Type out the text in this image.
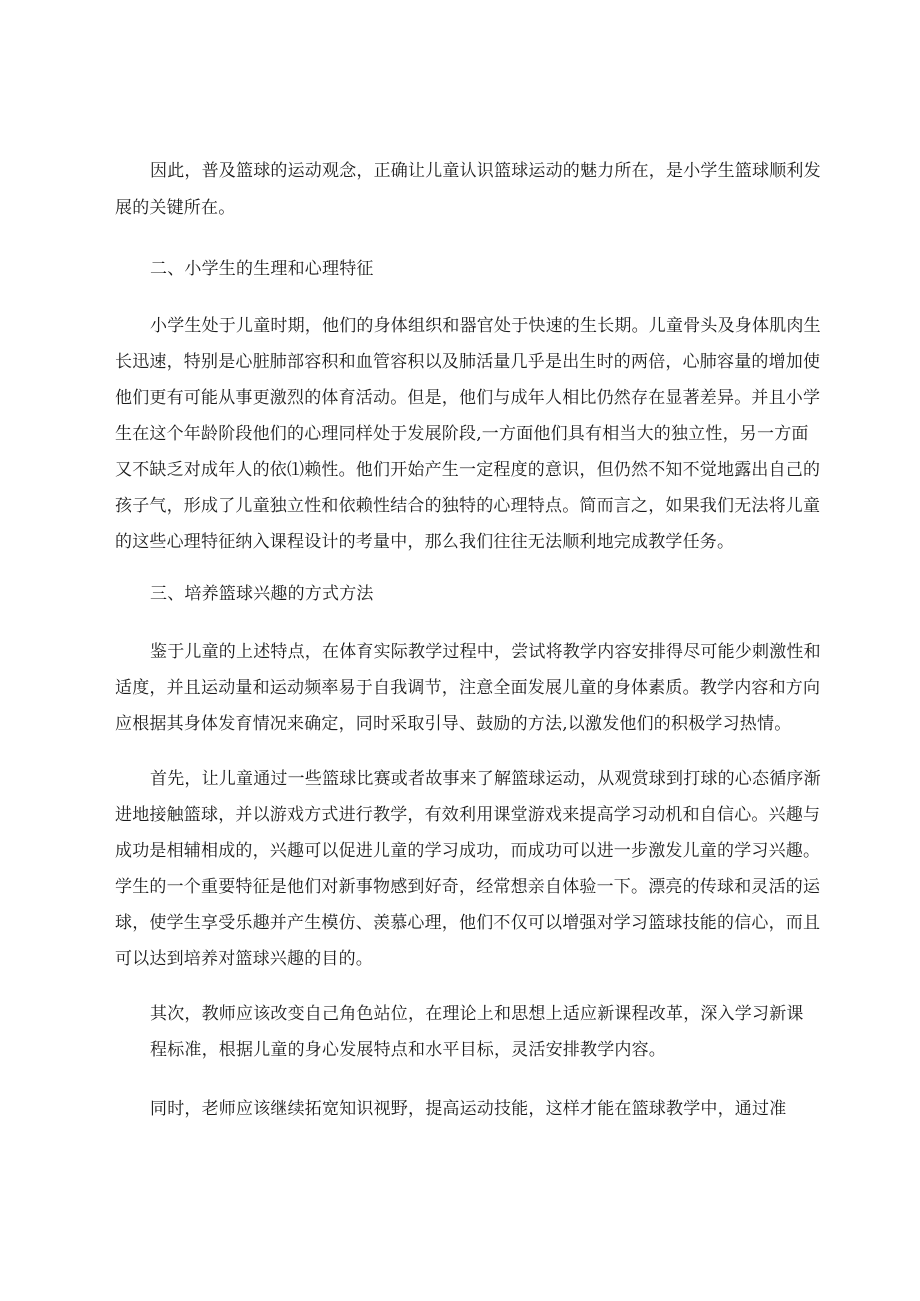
因此，普及篮球的运动观念，正确让儿童认识篮球运动的魅力所在，是小学生篮球顺利发
展的关键所在。
二、小学生的生理和心理特征
小学生处于儿童时期，他们的身体组织和器官处于快速的生长期。儿童骨头及身体肌肉生
长迅速，特别是心脏肺部容积和血管容积以及肺活量几乎是出生时的两倍，心肺容量的增加使
他们更有可能从事更激烈的体育活动。但是，他们与成年人相比仍然存在显著差异。并且小学
生在这个年龄阶段他们的心理同样处于发展阶段,一方面他们具有相当大的独立性，另一方面
又不缺乏对成年人的依⑴赖性。他们开始产生一定程度的意识，但仍然不知不觉地露出自己的
孩子气，形成了儿童独立性和依赖性结合的独特的心理特点。简而言之，如果我们无法将儿童
的这些心理特征纳入课程设计的考量中，那么我们往往无法顺利地完成教学任务。
三、培养篮球兴趣的方式方法
鉴于儿童的上述特点，在体育实际教学过程中，尝试将教学内容安排得尽可能少刺激性和
适度，并且运动量和运动频率易于自我调节，注意全面发展儿童的身体素质。教学内容和方向
应根据其身体发育情况来确定，同时采取引导、鼓励的方法,以激发他们的积极学习热情。
首先，让儿童通过一些篮球比赛或者故事来了解篮球运动，从观赏球到打球的心态循序渐
进地接触篮球，并以游戏方式进行教学，有效利用课堂游戏来提高学习动机和自信心。兴趣与
成功是相辅相成的，兴趣可以促进儿童的学习成功，而成功可以进一步激发儿童的学习兴趣。
学生的一个重要特征是他们对新事物感到好奇，经常想亲自体验一下。漂亮的传球和灵活的运
球，使学生享受乐趣并产生模仿、羡慕心理，他们不仅可以增强对学习篮球技能的信心，而且
可以达到培养对篮球兴趣的目的。
其次，教师应该改变自己角色站位，在理论上和思想上适应新课程改革，深入学习新课
程标准，根据儿童的身心发展特点和水平目标，灵活安排教学内容。
同时，老师应该继续拓宽知识视野，提高运动技能，这样才能在篮球教学中，通过准
